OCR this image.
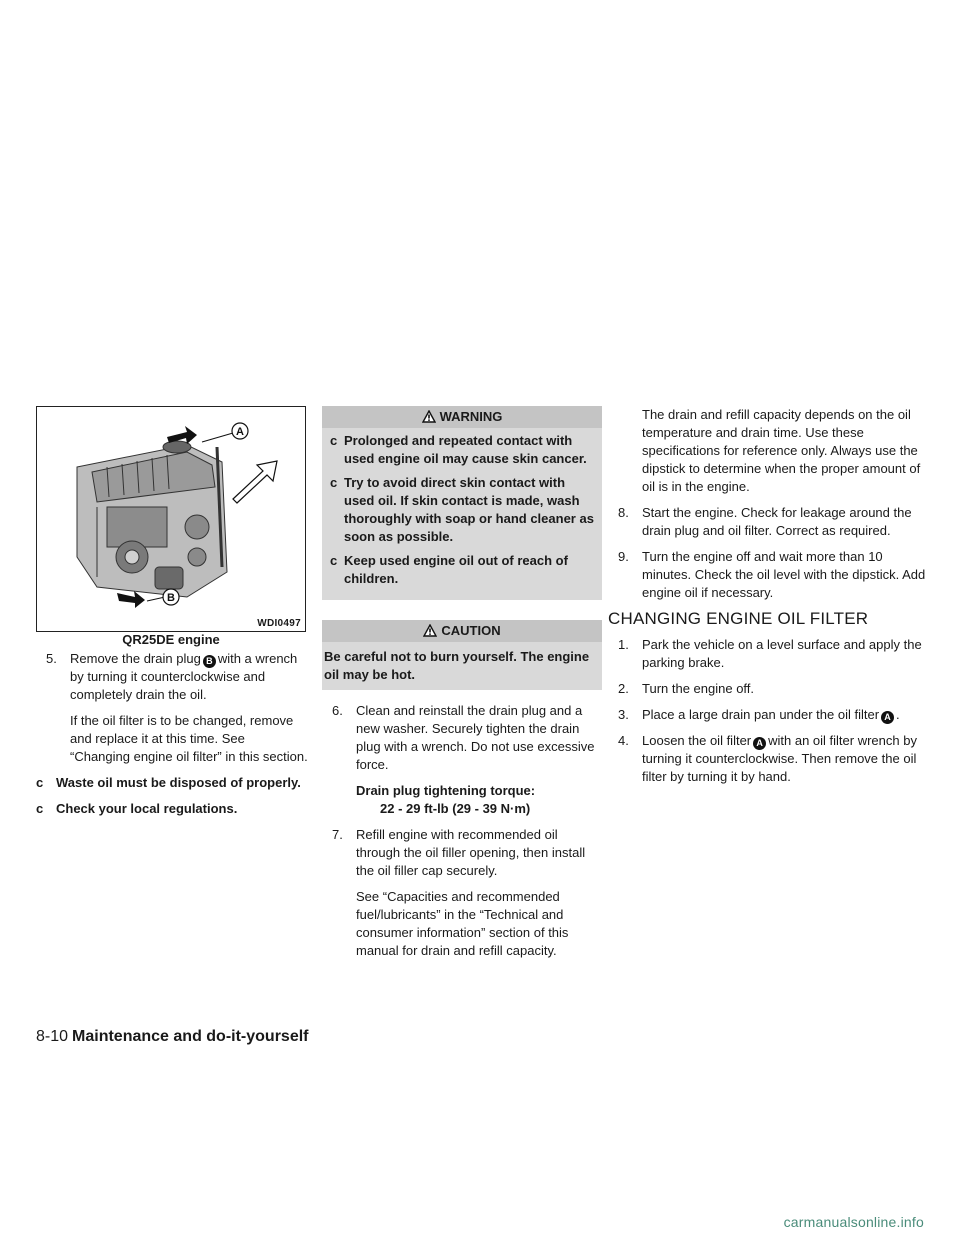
A
B
WDI0497
QR25DE engine
5. Remove the drain plug B with a wrench by turning it counterclockwise and completely drain the oil.
If the oil filter is to be changed, remove and replace it at this time. See “Changing engine oil filter” in this section.
c Waste oil must be disposed of properly.
c Check your local regulations.
WARNING
c Prolonged and repeated contact with used engine oil may cause skin cancer.
c Try to avoid direct skin contact with used oil. If skin contact is made, wash thoroughly with soap or hand cleaner as soon as possible.
c Keep used engine oil out of reach of children.
CAUTION
Be careful not to burn yourself. The engine oil may be hot.
6. Clean and reinstall the drain plug and a new washer. Securely tighten the drain plug with a wrench. Do not use excessive force.
Drain plug tightening torque:
22 - 29 ft-lb (29 - 39 N·m)
7. Refill engine with recommended oil through the oil filler opening, then install the oil filler cap securely.
See “Capacities and recommended fuel/lubricants” in the “Technical and consumer information” section of this manual for drain and refill capacity.
The drain and refill capacity depends on the oil temperature and drain time. Use these specifications for reference only. Always use the dipstick to determine when the proper amount of oil is in the engine.
8. Start the engine. Check for leakage around the drain plug and oil filter. Correct as required.
9. Turn the engine off and wait more than 10 minutes. Check the oil level with the dipstick. Add engine oil if necessary.
CHANGING ENGINE OIL FILTER
1. Park the vehicle on a level surface and apply the parking brake.
2. Turn the engine off.
3. Place a large drain pan under the oil filter A .
4. Loosen the oil filter A with an oil filter wrench by turning it counterclockwise. Then remove the oil filter by turning it by hand.
8-10 Maintenance and do-it-yourself
carmanualsonline.info
